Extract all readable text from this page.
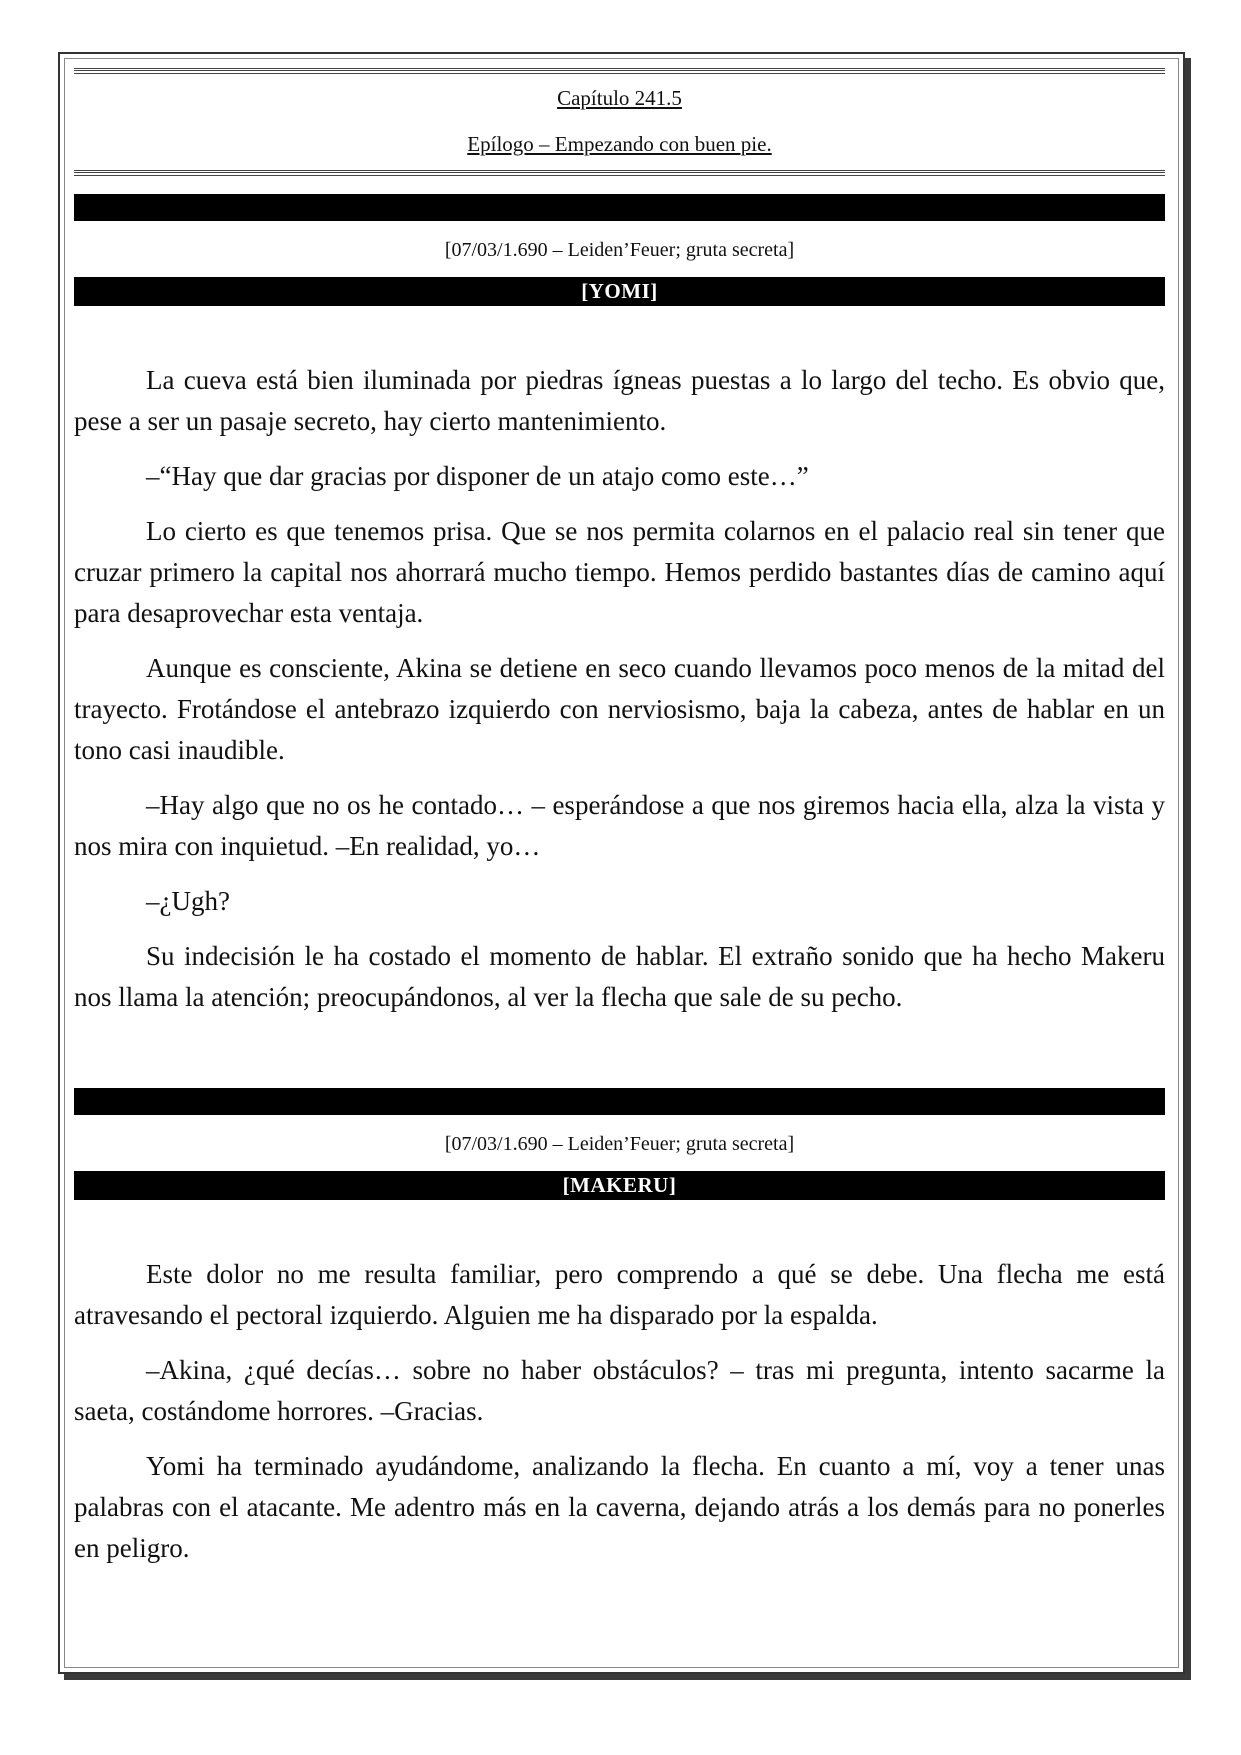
Capítulo 241.5
Epílogo – Empezando con buen pie.
[07/03/1.690 – Leiden’Feuer; gruta secreta]
[YOMI]

La cueva está bien iluminada por piedras ígneas puestas a lo largo del techo. Es obvio que, pese a ser un pasaje secreto, hay cierto mantenimiento.

–“Hay que dar gracias por disponer de un atajo como este…”

Lo cierto es que tenemos prisa. Que se nos permita colarnos en el palacio real sin tener que cruzar primero la capital nos ahorrará mucho tiempo. Hemos perdido bastantes días de camino aquí para desaprovechar esta ventaja.

Aunque es consciente, Akina se detiene en seco cuando llevamos poco menos de la mitad del trayecto. Frotándose el antebrazo izquierdo con nerviosismo, baja la cabeza, antes de hablar en un tono casi inaudible.

–Hay algo que no os he contado… – esperándose a que nos giremos hacia ella, alza la vista y nos mira con inquietud. –En realidad, yo…

–¿Ugh?

Su indecisión le ha costado el momento de hablar. El extraño sonido que ha hecho Makeru nos llama la atención; preocupándonos, al ver la flecha que sale de su pecho.

[07/03/1.690 – Leiden’Feuer; gruta secreta]
[MAKERU]

Este dolor no me resulta familiar, pero comprendo a qué se debe. Una flecha me está atravesando el pectoral izquierdo. Alguien me ha disparado por la espalda.

–Akina, ¿qué decías… sobre no haber obstáculos? – tras mi pregunta, intento sacarme la saeta, costándome horrores. –Gracias.

Yomi ha terminado ayudándome, analizando la flecha. En cuanto a mí, voy a tener unas palabras con el atacante. Me adentro más en la caverna, dejando atrás a los demás para no ponerles en peligro.
